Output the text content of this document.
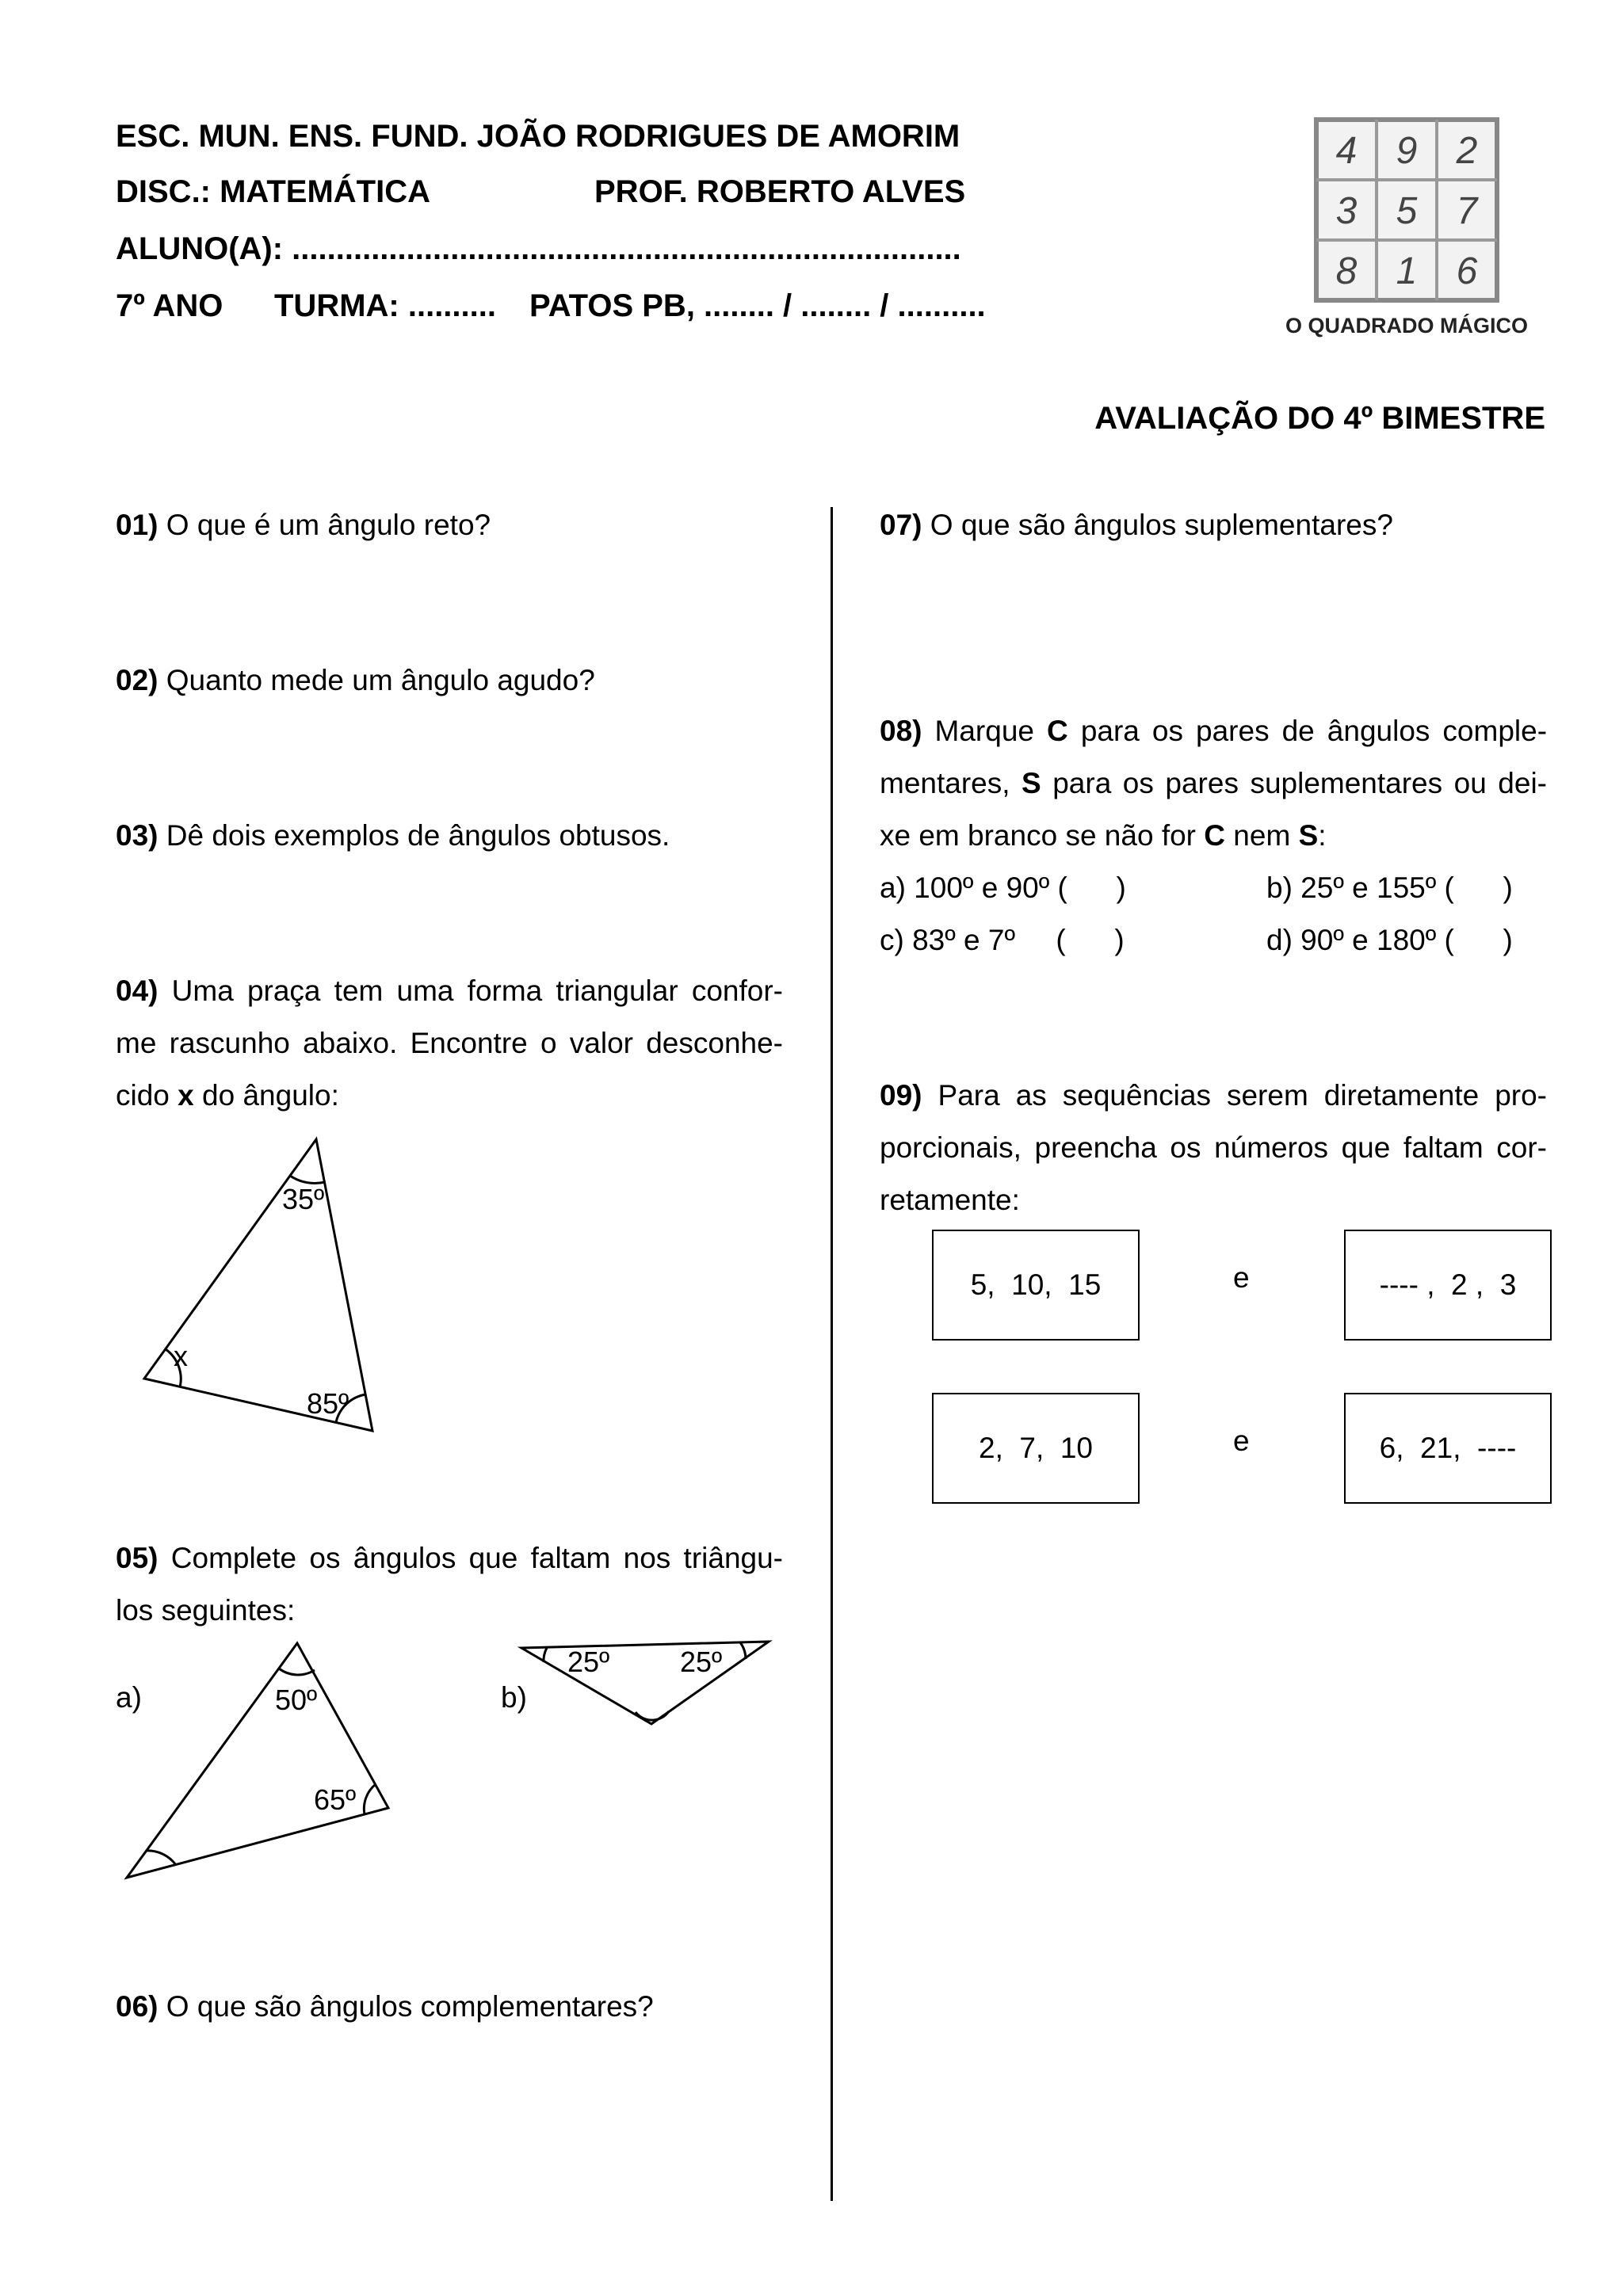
ESC. MUN. ENS. FUND. JOÃO RODRIGUES DE AMORIM
DISC.: MATEMÁTICA	PROF. ROBERTO ALVES
ALUNO(A): ............................................................................
7º ANO TURMA: .......... PATOS PB, ........ / ........ / ..........
4 9 2
3 5 7
8 1 6
O QUADRADO MÁGICO
AVALIAÇÃO DO 4º BIMESTRE
01) O que é um ângulo reto?
02) Quanto mede um ângulo agudo?
03) Dê dois exemplos de ângulos obtusos.
04) Uma praça tem uma forma triangular confor-
me rascunho abaixo. Encontre o valor desconhe-
cido x do ângulo:
35º
x
85º
05) Complete os ângulos que faltam nos triângu-
los seguintes:
a)	b)
50º
65º
25º 25º
06) O que são ângulos complementares?
07) O que são ângulos suplementares?
08) Marque C para os pares de ângulos comple-
mentares, S para os pares suplementares ou dei-
xe em branco se não for C nem S:
a) 100º e 90º (      )	b) 25º e 155º (      )
c) 83º e 7º     (      )	d) 90º e 180º (      )
09) Para as sequências serem diretamente pro-
porcionais, preencha os números que faltam cor-
retamente:
5,  10,  15	e	---- ,  2 ,  3
2,  7,  10	e	6,  21,  ----
